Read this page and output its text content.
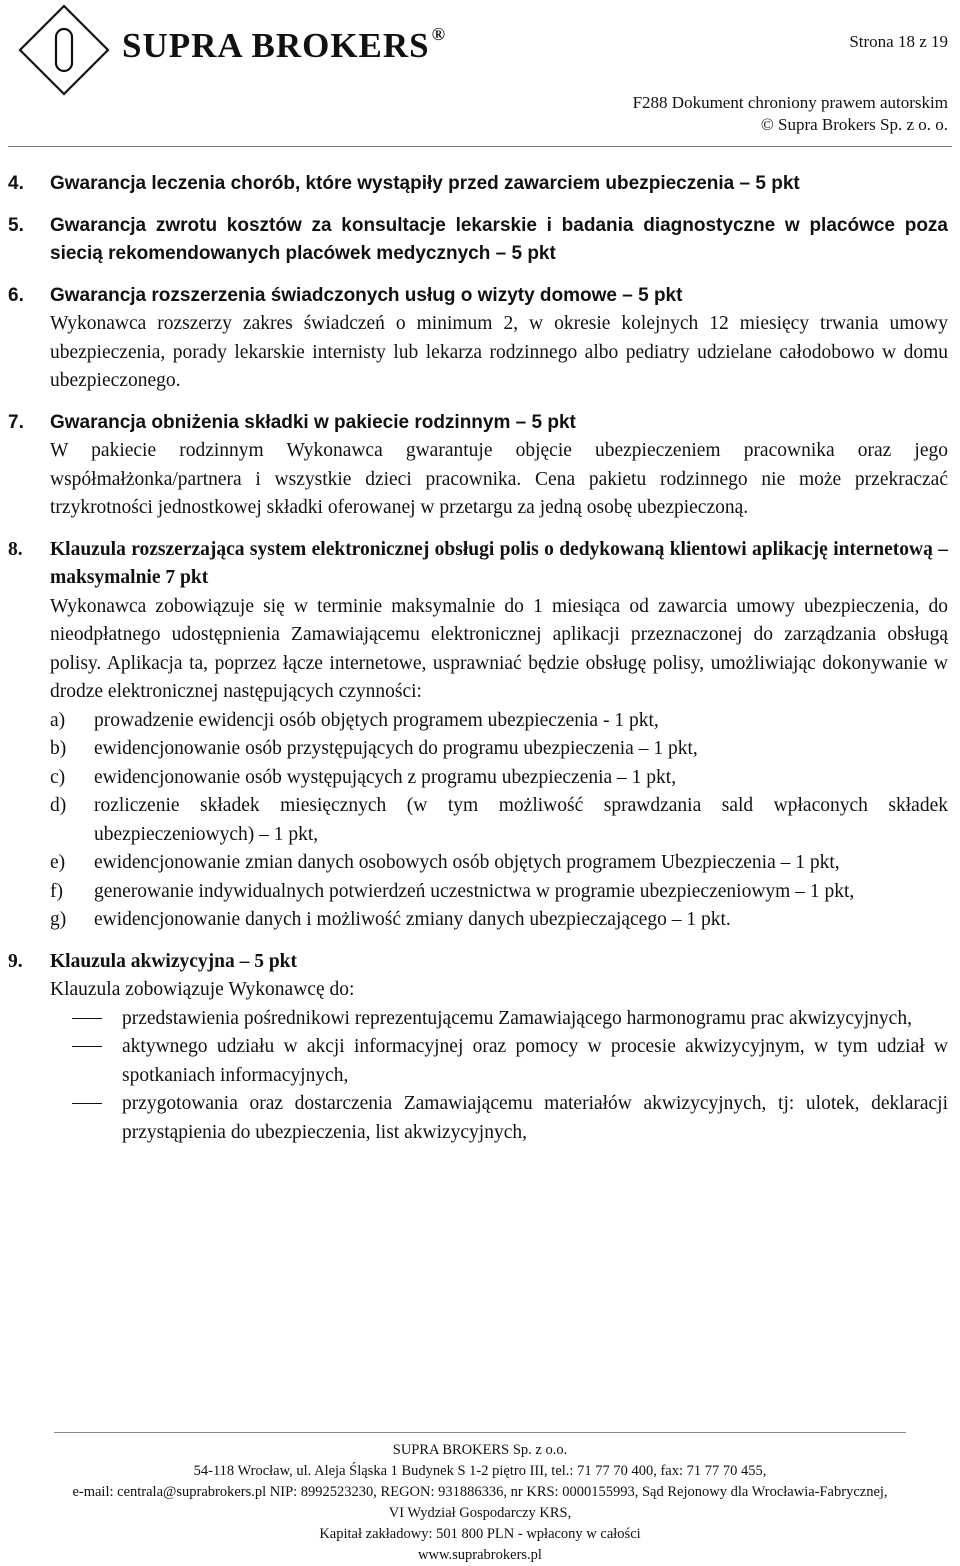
SUPRA BROKERS ®	Strona 18 z 19
F288 Dokument chroniony prawem autorskim
© Supra Brokers Sp. z o. o.
4. Gwarancja leczenia chorób, które wystąpiły przed zawarciem ubezpieczenia – 5 pkt
5. Gwarancja zwrotu kosztów za konsultacje lekarskie i badania diagnostyczne w placówce poza siecią rekomendowanych placówek medycznych – 5 pkt
6. Gwarancja rozszerzenia świadczonych usług o wizyty domowe – 5 pkt
Wykonawca rozszerzy zakres świadczeń o minimum 2, w okresie kolejnych 12 miesięcy trwania umowy ubezpieczenia, porady lekarskie internisty lub lekarza rodzinnego albo pediatry udzielane całodobowo w domu ubezpieczonego.
7. Gwarancja obniżenia składki w pakiecie rodzinnym – 5 pkt
W pakiecie rodzinnym Wykonawca gwarantuje objęcie ubezpieczeniem pracownika oraz jego współmałżonka/partnera i wszystkie dzieci pracownika. Cena pakietu rodzinnego nie może przekraczać trzykrotności jednostkowej składki oferowanej w przetargu za jedną osobę ubezpieczoną.
8. Klauzula rozszerzająca system elektronicznej obsługi polis o dedykowaną klientowi aplikację internetową – maksymalnie 7 pkt
Wykonawca zobowiązuje się w terminie maksymalnie do 1 miesiąca od zawarcia umowy ubezpieczenia, do nieodpłatnego udostępnienia Zamawiającemu elektronicznej aplikacji przeznaczonej do zarządzania obsługą polisy. Aplikacja ta, poprzez łącze internetowe, usprawniać będzie obsługę polisy, umożliwiając dokonywanie w drodze elektronicznej następujących czynności:
a) prowadzenie ewidencji osób objętych programem ubezpieczenia - 1 pkt,
b) ewidencjonowanie osób przystępujących do programu ubezpieczenia – 1 pkt,
c) ewidencjonowanie osób występujących z programu ubezpieczenia – 1 pkt,
d) rozliczenie składek miesięcznych (w tym możliwość sprawdzania sald wpłaconych składek ubezpieczeniowych) – 1 pkt,
e) ewidencjonowanie zmian danych osobowych osób objętych programem Ubezpieczenia – 1 pkt,
f) generowanie indywidualnych potwierdzeń uczestnictwa w programie ubezpieczeniowym – 1 pkt,
g) ewidencjonowanie danych i możliwość zmiany danych ubezpieczającego – 1 pkt.
9. Klauzula akwizycyjna – 5 pkt
Klauzula zobowiązuje Wykonawcę do:
przedstawienia pośrednikowi reprezentującemu Zamawiającego harmonogramu prac akwizycyjnych,
aktywnego udziału w akcji informacyjnej oraz pomocy w procesie akwizycyjnym, w tym udział w spotkaniach informacyjnych,
przygotowania oraz dostarczenia Zamawiającemu materiałów akwizycyjnych, tj: ulotek, deklaracji przystąpienia do ubezpieczenia, list akwizycyjnych,
SUPRA BROKERS Sp. z o.o.
54-118 Wrocław, ul. Aleja Śląska 1 Budynek S 1-2 piętro III, tel.: 71 77 70 400, fax: 71 77 70 455,
e-mail: centrala@suprabrokers.pl NIP: 8992523230, REGON: 931886336, nr KRS: 0000155993, Sąd Rejonowy dla Wrocławia-Fabrycznej,
VI Wydział Gospodarczy KRS,
Kapitał zakładowy: 501 800 PLN - wpłacony w całości
www.suprabrokers.pl
